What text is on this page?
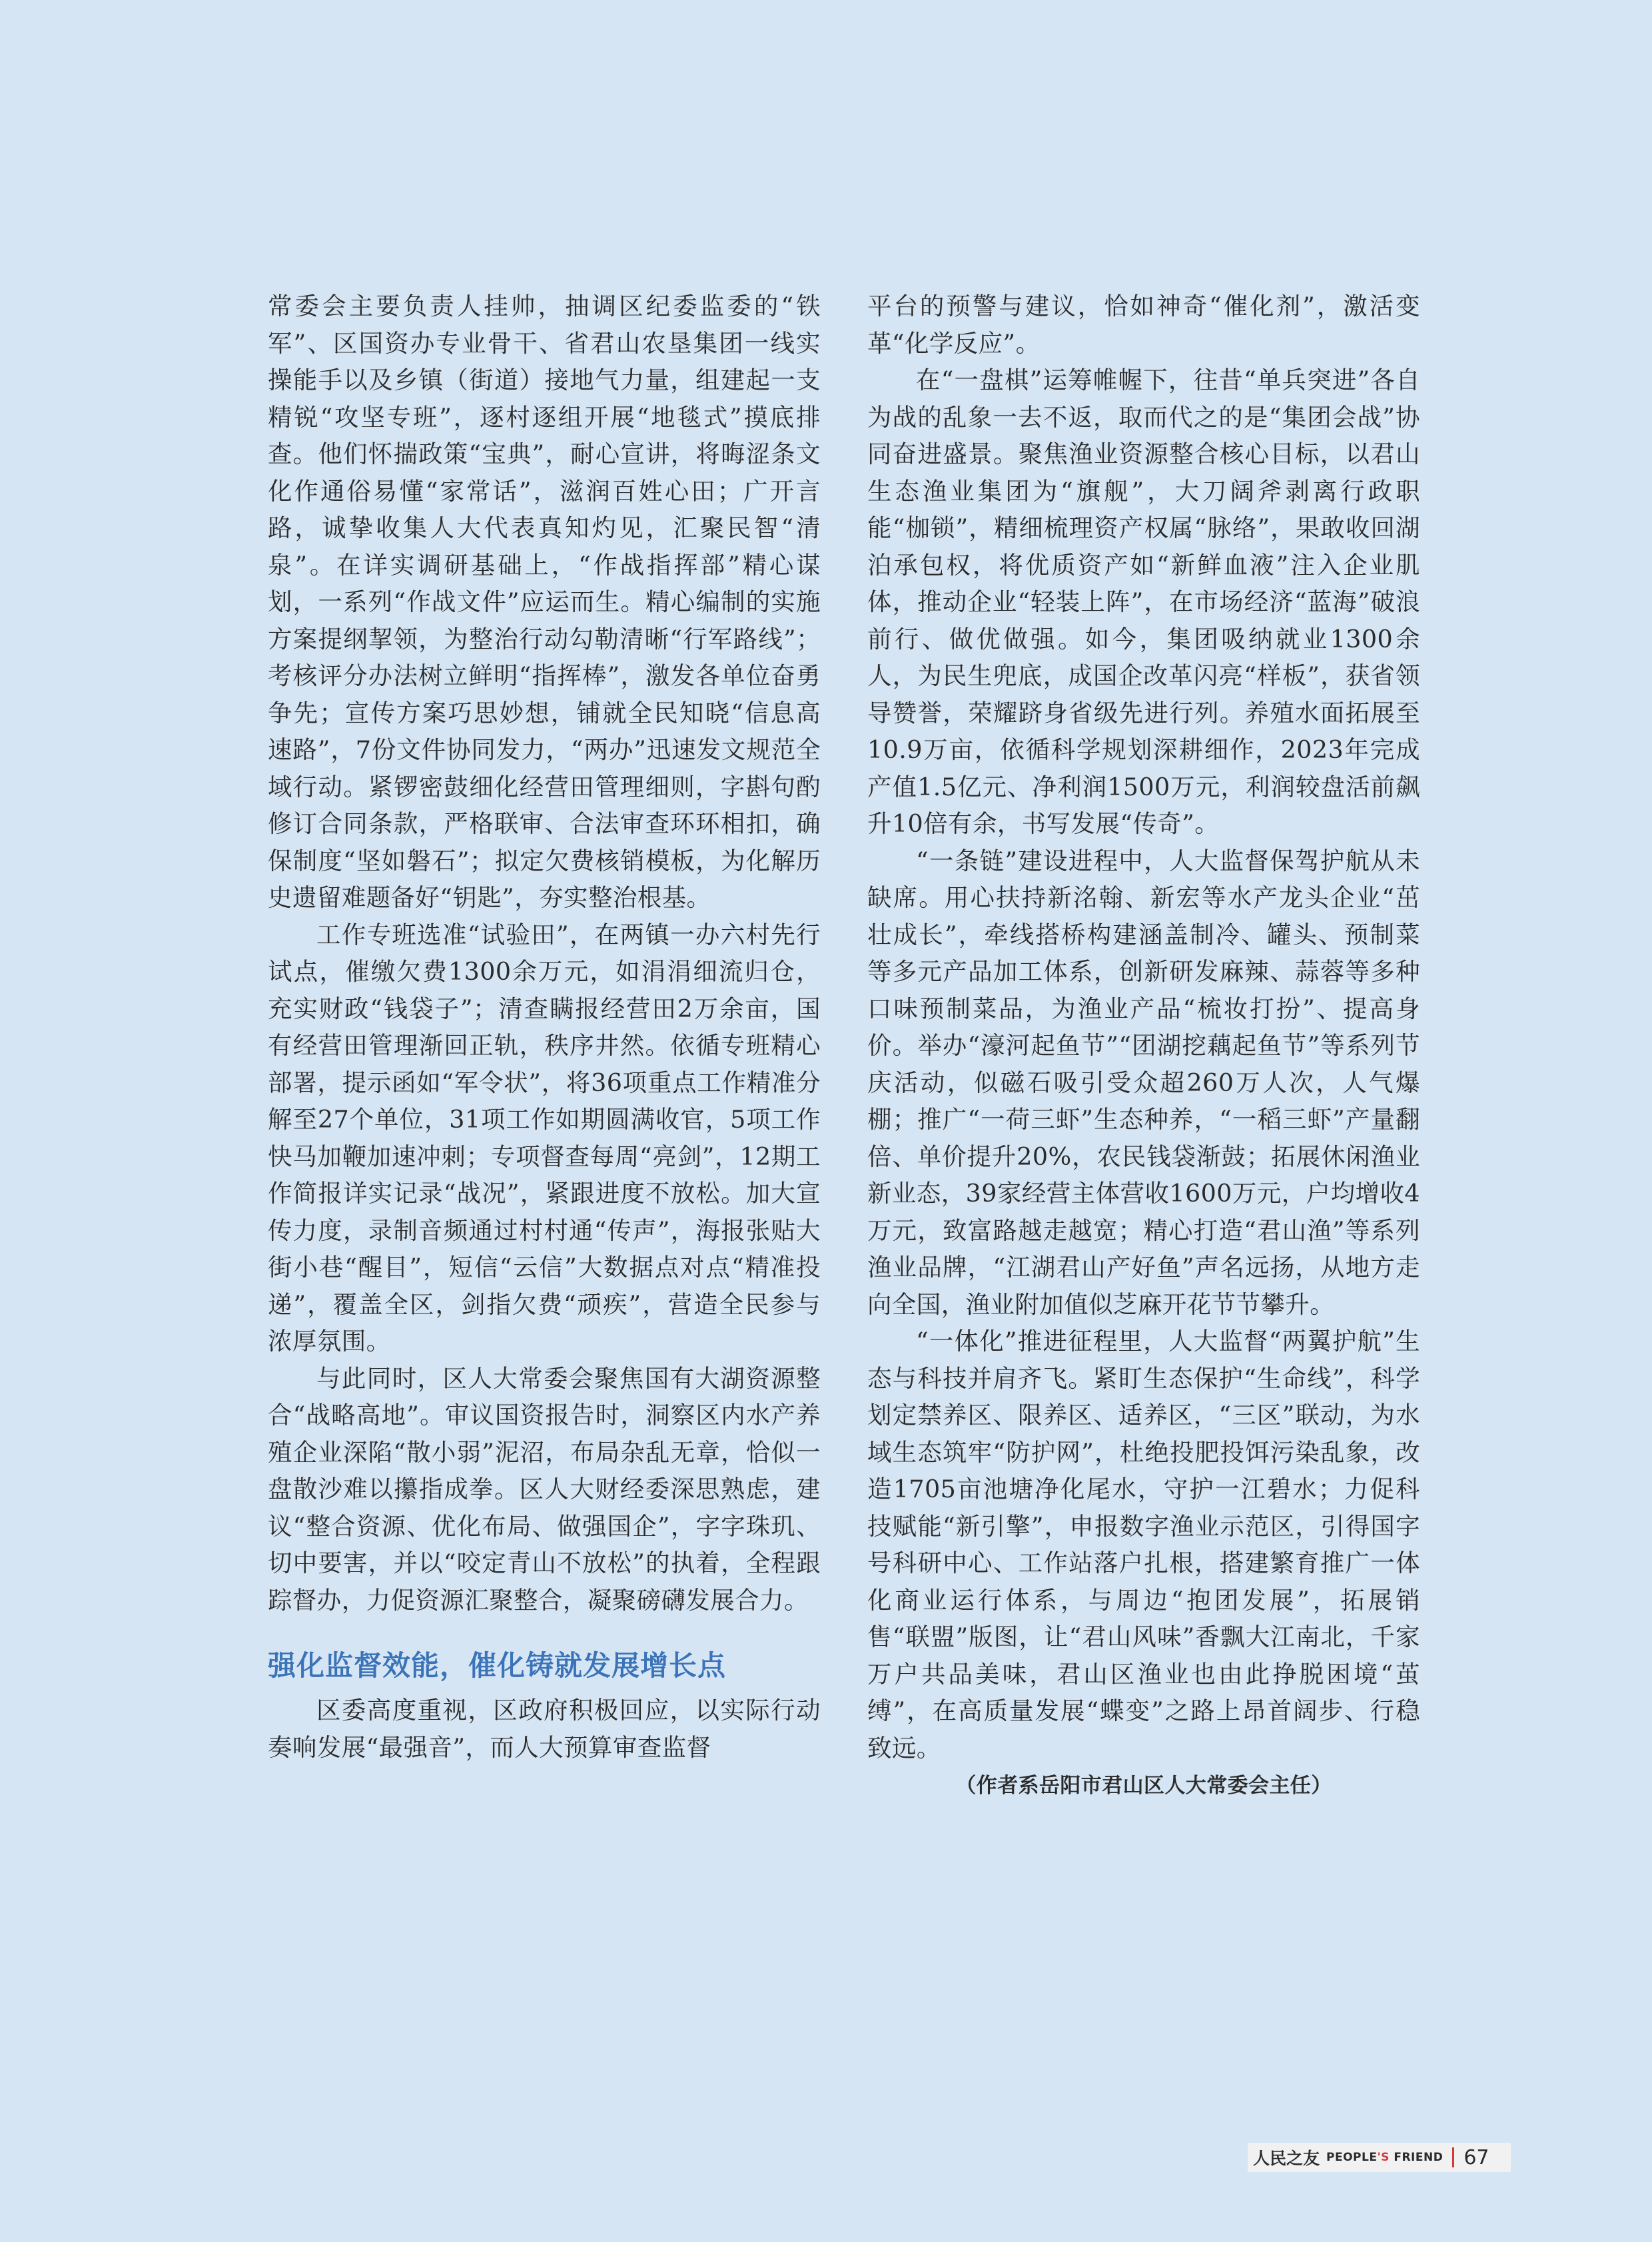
常委会主要负责人挂帅，抽调区纪委监委的“铁军”、区国资办专业骨干、省君山农垦集团一线实操能手以及乡镇（街道）接地气力量，组建起一支精锐“攻坚专班”，逐村逐组开展“地毯式”摸底排查。他们怀揣政策“宝典”，耐心宣讲，将晦涩条文化作通俗易懂“家常话”，滋润百姓心田；广开言路，诚挚收集人大代表真知灼见，汇聚民智“清泉”。在详实调研基础上，“作战指挥部”精心谋划，一系列“作战文件”应运而生。精心编制的实施方案提纲挈领，为整治行动勾勒清晰“行军路线”；考核评分办法树立鲜明“指挥棒”，激发各单位奋勇争先；宣传方案巧思妙想，铺就全民知晓“信息高速路”，7份文件协同发力，“两办”迅速发文规范全域行动。紧锣密鼓细化经营田管理细则，字斟句酌修订合同条款，严格联审、合法审查环环相扣，确保制度“坚如磐石”；拟定欠费核销模板，为化解历史遗留难题备好“钥匙”，夯实整治根基。

工作专班选准“试验田”，在两镇一办六村先行试点，催缴欠费1300余万元，如涓涓细流归仓，充实财政“钱袋子”；清查瞒报经营田2万余亩，国有经营田管理渐回正轨，秩序井然。依循专班精心部署，提示函如“军令状”，将36项重点工作精准分解至27个单位，31项工作如期圆满收官，5项工作快马加鞭加速冲刺；专项督查每周“亮剑”，12期工作简报详实记录“战况”，紧跟进度不放松。加大宣传力度，录制音频通过村村通“传声”，海报张贴大街小巷“醒目”，短信“云信”大数据点对点“精准投递”，覆盖全区，剑指欠费“顽疾”，营造全民参与浓厚氛围。

与此同时，区人大常委会聚焦国有大湖资源整合“战略高地”。审议国资报告时，洞察区内水产养殖企业深陷“散小弱”泥沼，布局杂乱无章，恰似一盘散沙难以攥指成拳。区人大财经委深思熟虑，建议“整合资源、优化布局、做强国企”，字字珠玑、切中要害，并以“咬定青山不放松”的执着，全程跟踪督办，力促资源汇聚整合，凝聚磅礴发展合力。

强化监督效能，催化铸就发展增长点

区委高度重视，区政府积极回应，以实际行动奏响发展“最强音”，而人大预算审查监督

平台的预警与建议，恰如神奇“催化剂”，激活变革“化学反应”。

在“一盘棋”运筹帷幄下，往昔“单兵突进”各自为战的乱象一去不返，取而代之的是“集团会战”协同奋进盛景。聚焦渔业资源整合核心目标，以君山生态渔业集团为“旗舰”，大刀阔斧剥离行政职能“枷锁”，精细梳理资产权属“脉络”，果敢收回湖泊承包权，将优质资产如“新鲜血液”注入企业肌体，推动企业“轻装上阵”，在市场经济“蓝海”破浪前行、做优做强。如今，集团吸纳就业1300余人，为民生兜底，成国企改革闪亮“样板”，获省领导赞誉，荣耀跻身省级先进行列。养殖水面拓展至10.9万亩，依循科学规划深耕细作，2023年完成产值1.5亿元、净利润1500万元，利润较盘活前飙升10倍有余，书写发展“传奇”。

“一条链”建设进程中，人大监督保驾护航从未缺席。用心扶持新洺翰、新宏等水产龙头企业“茁壮成长”，牵线搭桥构建涵盖制冷、罐头、预制菜等多元产品加工体系，创新研发麻辣、蒜蓉等多种口味预制菜品，为渔业产品“梳妆打扮”、提高身价。举办“濠河起鱼节”“团湖挖藕起鱼节”等系列节庆活动，似磁石吸引受众超260万人次，人气爆棚；推广“一荷三虾”生态种养，“一稻三虾”产量翻倍、单价提升20%，农民钱袋渐鼓；拓展休闲渔业新业态，39家经营主体营收1600万元，户均增收4万元，致富路越走越宽；精心打造“君山渔”等系列渔业品牌，“江湖君山产好鱼”声名远扬，从地方走向全国，渔业附加值似芝麻开花节节攀升。

“一体化”推进征程里，人大监督“两翼护航”生态与科技并肩齐飞。紧盯生态保护“生命线”，科学划定禁养区、限养区、适养区，“三区”联动，为水域生态筑牢“防护网”，杜绝投肥投饵污染乱象，改造1705亩池塘净化尾水，守护一江碧水；力促科技赋能“新引擎”，申报数字渔业示范区，引得国字号科研中心、工作站落户扎根，搭建繁育推广一体化商业运行体系，与周边“抱团发展”，拓展销售“联盟”版图，让“君山风味”香飘大江南北，千家万户共品美味，君山区渔业也由此挣脱困境“茧缚”，在高质量发展“蝶变”之路上昂首阔步、行稳致远。

（作者系岳阳市君山区人大常委会主任）

人民之友 PEOPLE'S FRIEND 67
